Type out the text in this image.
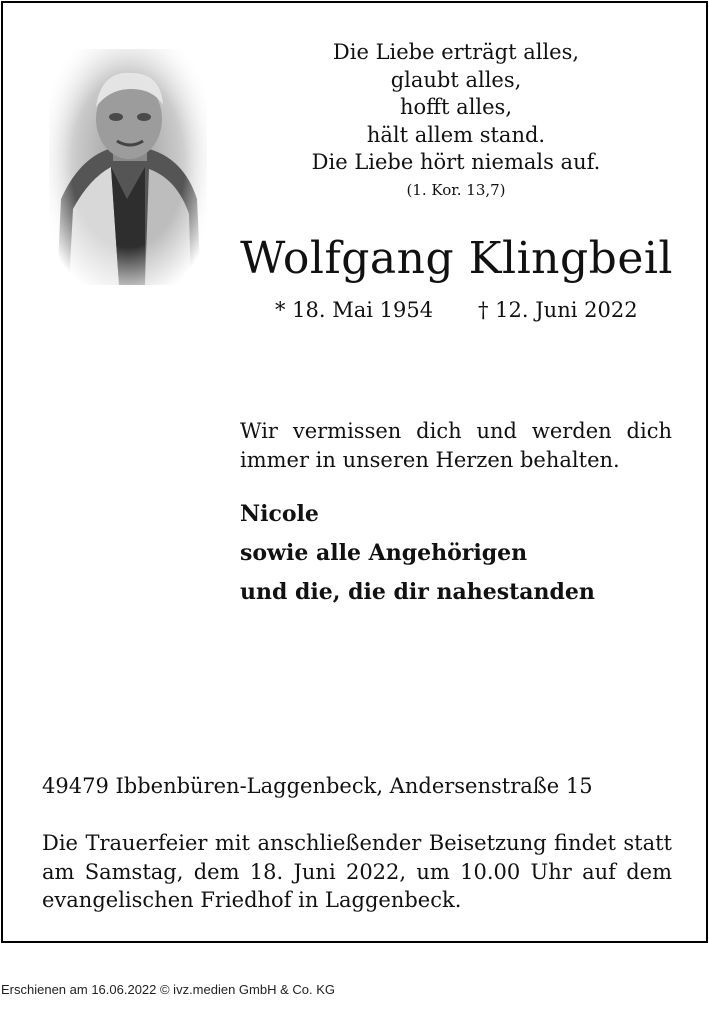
Die Liebe erträgt alles,
glaubt alles,
hofft alles,
hält allem stand.
Die Liebe hört niemals auf.
(1. Kor. 13,7)
Wolfgang Klingbeil
* 18. Mai 1954 † 12. Juni 2022
Wir vermissen dich und werden dich immer in unseren Herzen behalten.
Nicole
sowie alle Angehörigen
und die, die dir nahestanden
49479 Ibbenbüren-Laggenbeck, Andersenstraße 15
Die Trauerfeier mit anschließender Beisetzung findet statt am Samstag, dem 18. Juni 2022, um 10.00 Uhr auf dem evangelischen Friedhof in Laggenbeck.
Erschienen am 16.06.2022 © ivz.medien GmbH & Co. KG
